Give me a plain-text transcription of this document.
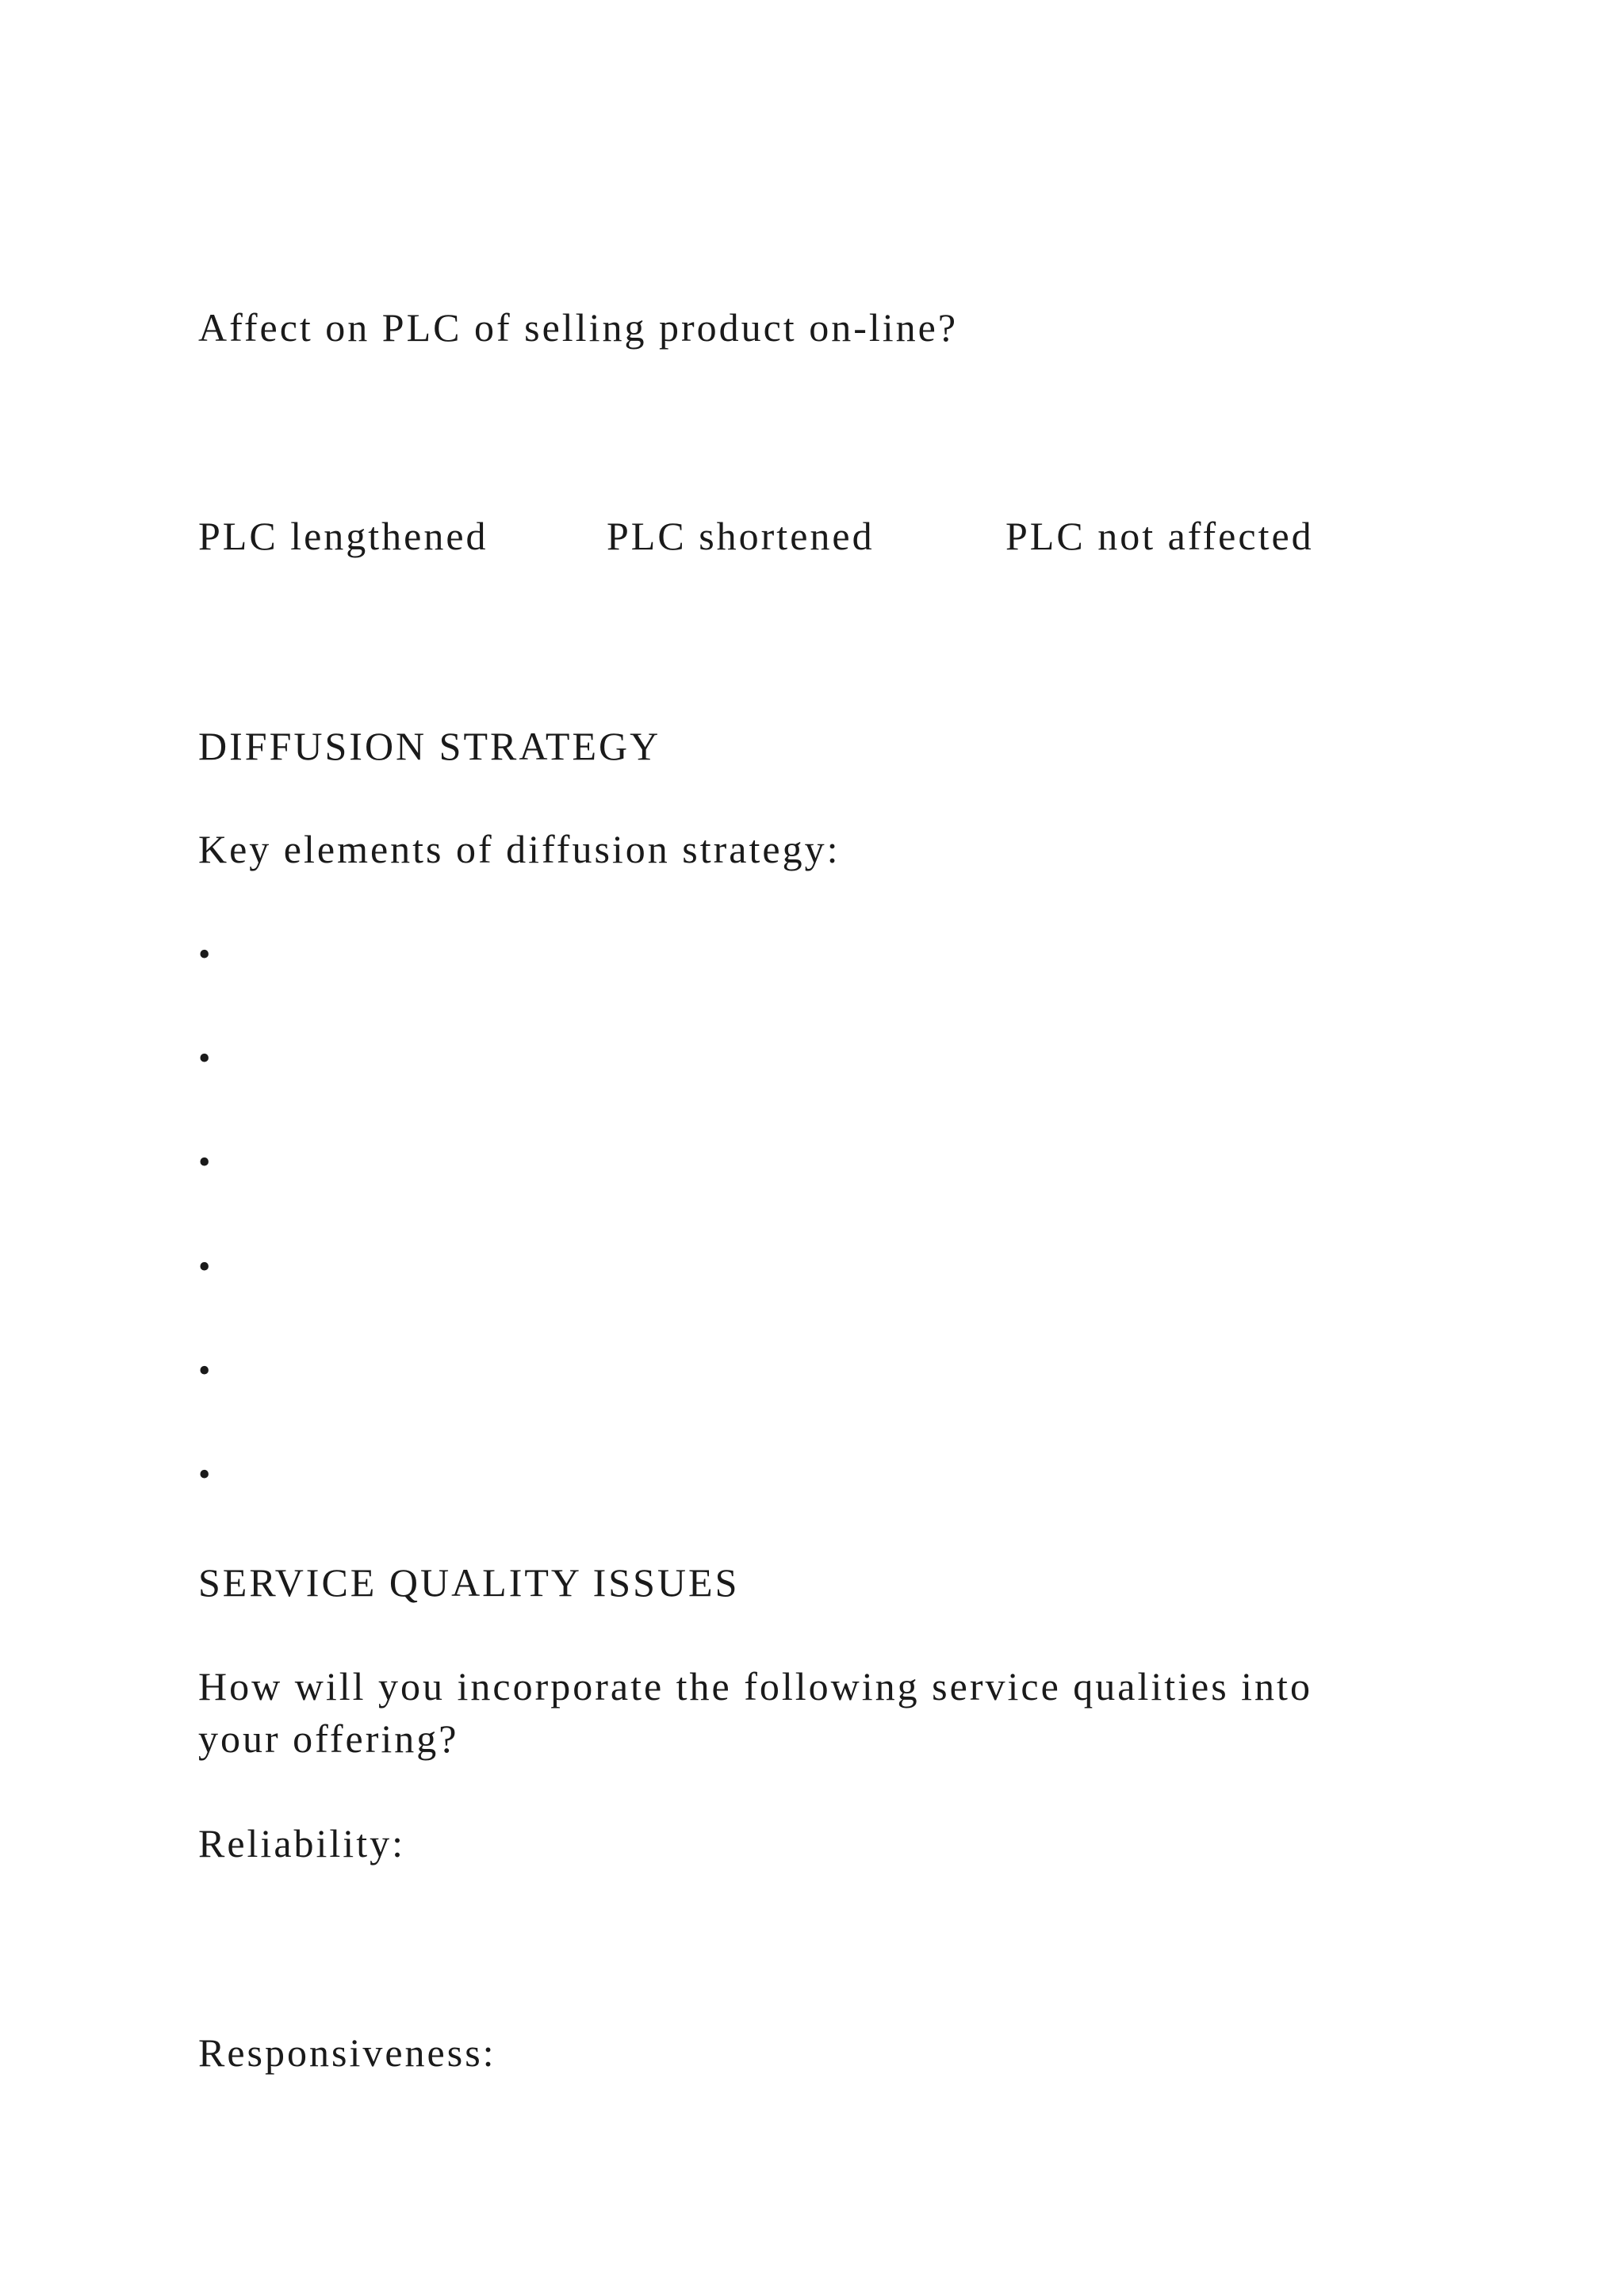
Affect on PLC of selling product on-line?
PLC lengthened	PLC shortened	PLC not affected
DIFFUSION STRATEGY
Key elements of diffusion strategy:
•
•
•
•
•
•
SERVICE QUALITY ISSUES
How will you incorporate the following service qualities into
your offering?
Reliability:
Responsiveness:
